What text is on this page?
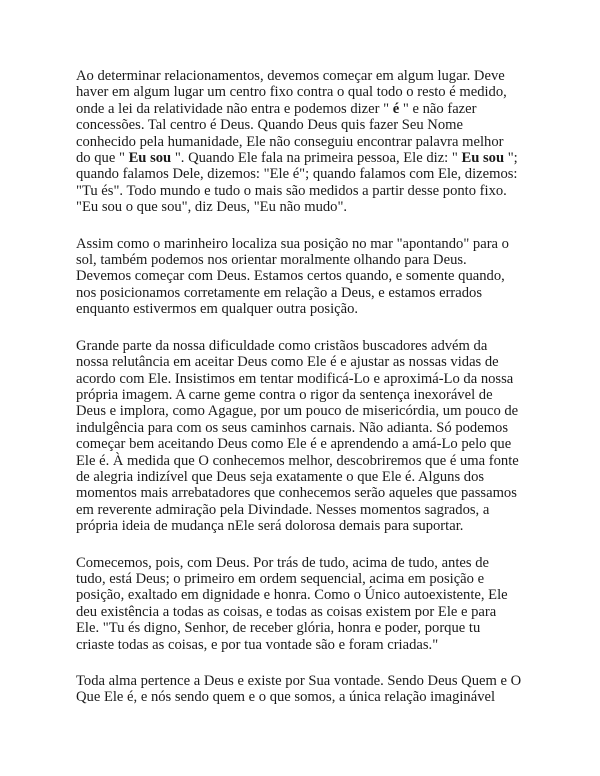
Ao determinar relacionamentos, devemos começar em algum lugar. Deve
haver em algum lugar um centro fixo contra o qual todo o resto é medido,
onde a lei da relatividade não entra e podemos dizer " é " e não fazer
concessões. Tal centro é Deus. Quando Deus quis fazer Seu Nome
conhecido pela humanidade, Ele não conseguiu encontrar palavra melhor
do que " Eu sou ". Quando Ele fala na primeira pessoa, Ele diz: " Eu sou ";
quando falamos Dele, dizemos: "Ele é"; quando falamos com Ele, dizemos:
"Tu és". Todo mundo e tudo o mais são medidos a partir desse ponto fixo.
"Eu sou o que sou", diz Deus, "Eu não mudo".

Assim como o marinheiro localiza sua posição no mar "apontando" para o
sol, também podemos nos orientar moralmente olhando para Deus.
Devemos começar com Deus. Estamos certos quando, e somente quando,
nos posicionamos corretamente em relação a Deus, e estamos errados
enquanto estivermos em qualquer outra posição.

Grande parte da nossa dificuldade como cristãos buscadores advém da
nossa relutância em aceitar Deus como Ele é e ajustar as nossas vidas de
acordo com Ele. Insistimos em tentar modificá-Lo e aproximá-Lo da nossa
própria imagem. A carne geme contra o rigor da sentença inexorável de
Deus e implora, como Agague, por um pouco de misericórdia, um pouco de
indulgência para com os seus caminhos carnais. Não adianta. Só podemos
começar bem aceitando Deus como Ele é e aprendendo a amá-Lo pelo que
Ele é. À medida que O conhecemos melhor, descobriremos que é uma fonte
de alegria indizível que Deus seja exatamente o que Ele é. Alguns dos
momentos mais arrebatadores que conhecemos serão aqueles que passamos
em reverente admiração pela Divindade. Nesses momentos sagrados, a
própria ideia de mudança nEle será dolorosa demais para suportar.

Comecemos, pois, com Deus. Por trás de tudo, acima de tudo, antes de
tudo, está Deus; o primeiro em ordem sequencial, acima em posição e
posição, exaltado em dignidade e honra. Como o Único autoexistente, Ele
deu existência a todas as coisas, e todas as coisas existem por Ele e para
Ele. "Tu és digno, Senhor, de receber glória, honra e poder, porque tu
criaste todas as coisas, e por tua vontade são e foram criadas."

Toda alma pertence a Deus e existe por Sua vontade. Sendo Deus Quem e O
Que Ele é, e nós sendo quem e o que somos, a única relação imaginável
